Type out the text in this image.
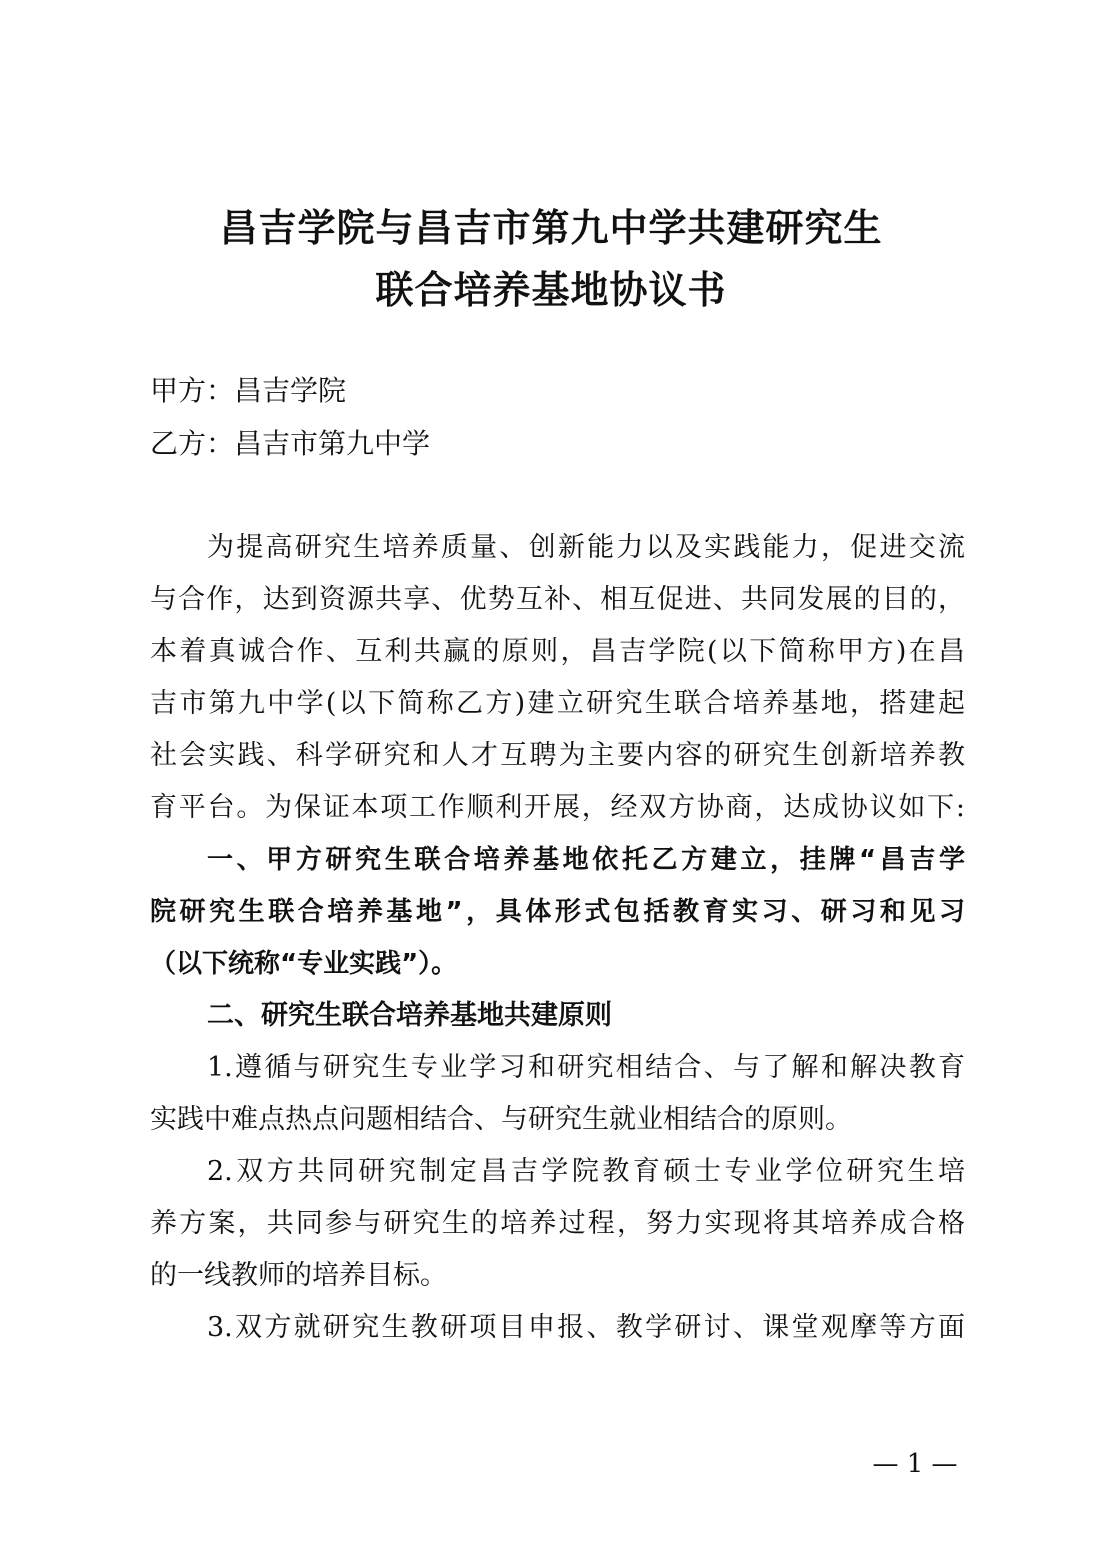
昌吉学院与昌吉市第九中学共建研究生
联合培养基地协议书
甲方：昌吉学院
乙方：昌吉市第九中学

为提高研究生培养质量、创新能力以及实践能力，促进交流

与合作，达到资源共享、优势互补、相互促进、共同发展的目的，

本着真诚合作、互利共赢的原则，昌吉学院(以下简称甲方)在昌

吉市第九中学(以下简称乙方)建立研究生联合培养基地，搭建起

社会实践、科学研究和人才互聘为主要内容的研究生创新培养教

育平台。为保证本项工作顺利开展，经双方协商，达成协议如下:

一、甲方研究生联合培养基地依托乙方建立，挂牌“昌吉学

院研究生联合培养基地”，具体形式包括教育实习、研习和见习

（以下统称“专业实践”）。

二、研究生联合培养基地共建原则

1.遵循与研究生专业学习和研究相结合、与了解和解决教育

实践中难点热点问题相结合、与研究生就业相结合的原则。

2.双方共同研究制定昌吉学院教育硕士专业学位研究生培

养方案，共同参与研究生的培养过程，努力实现将其培养成合格

的一线教师的培养目标。

3.双方就研究生教研项目申报、教学研讨、课堂观摩等方面

— 1 —
